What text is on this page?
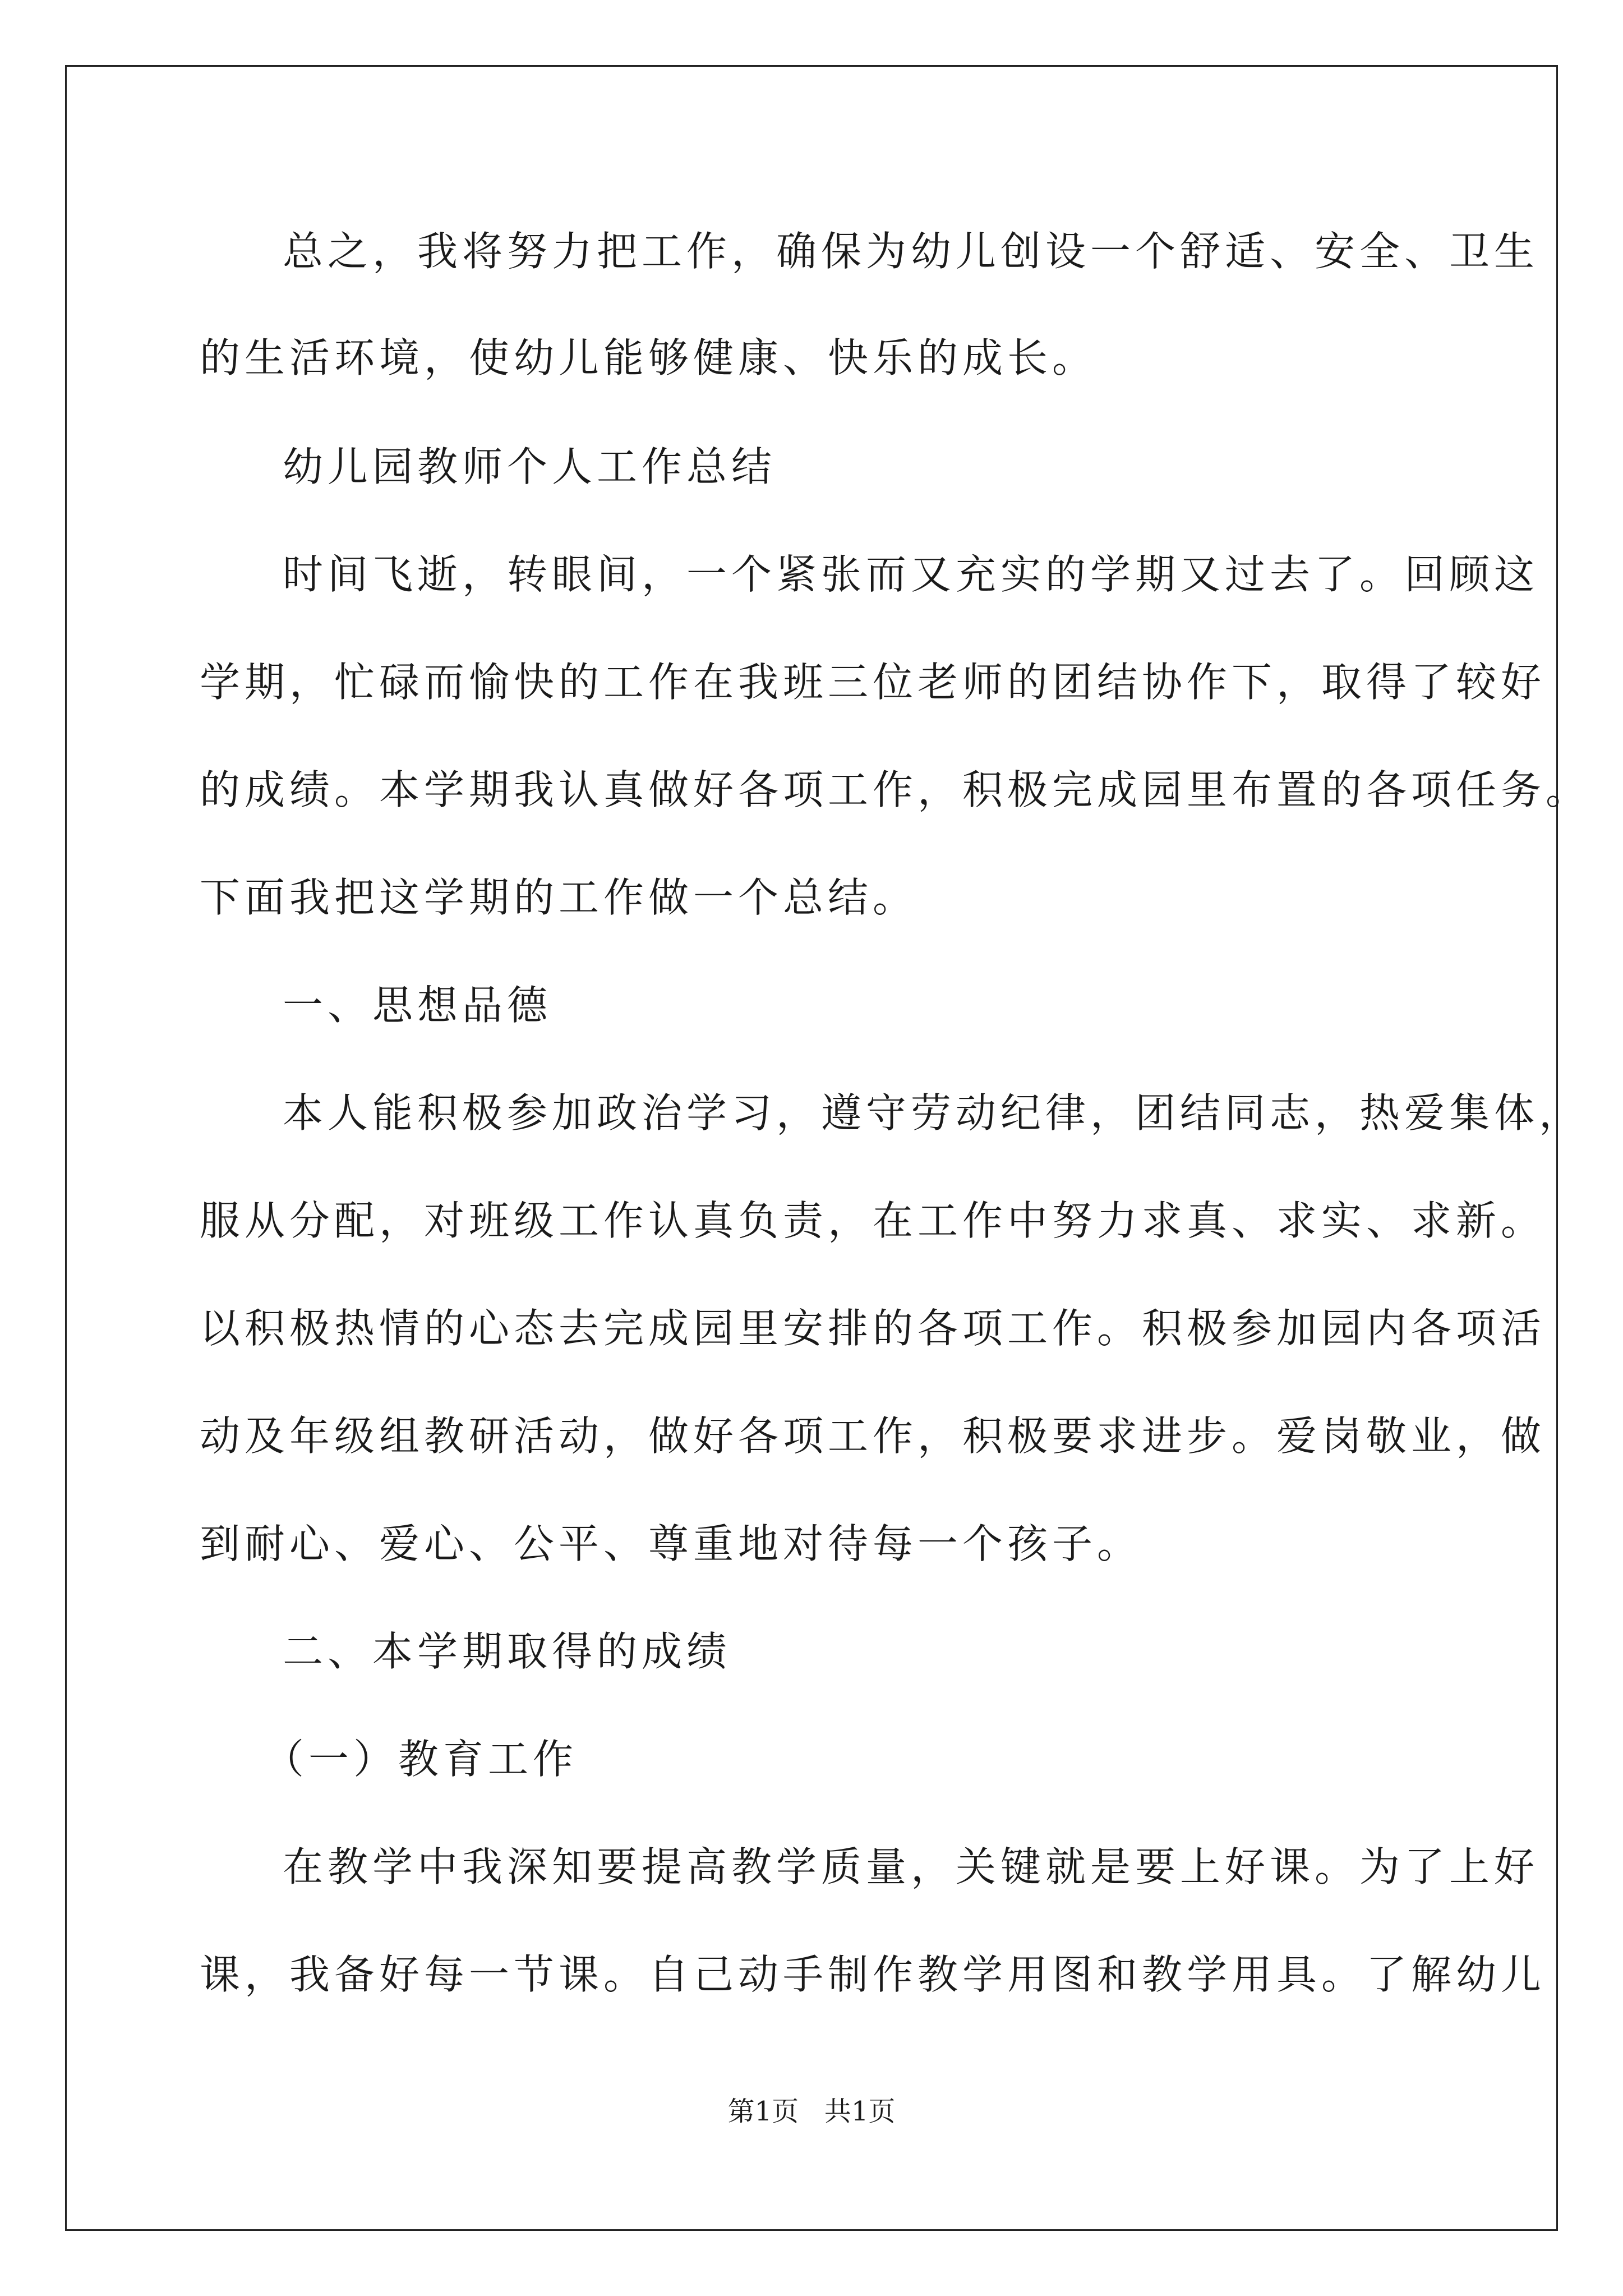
总之，我将努力把工作，确保为幼儿创设一个舒适、安全、卫生
的生活环境，使幼儿能够健康、快乐的成长。
幼儿园教师个人工作总结
时间飞逝，转眼间，一个紧张而又充实的学期又过去了。回顾这
学期，忙碌而愉快的工作在我班三位老师的团结协作下，取得了较好
的成绩。本学期我认真做好各项工作，积极完成园里布置的各项任务。
下面我把这学期的工作做一个总结。
一、思想品德
本人能积极参加政治学习，遵守劳动纪律，团结同志，热爱集体，
服从分配，对班级工作认真负责，在工作中努力求真、求实、求新。
以积极热情的心态去完成园里安排的各项工作。积极参加园内各项活
动及年级组教研活动，做好各项工作，积极要求进步。爱岗敬业，做
到耐心、爱心、公平、尊重地对待每一个孩子。
二、本学期取得的成绩
（一）教育工作
在教学中我深知要提高教学质量，关键就是要上好课。为了上好
课，我备好每一节课。自己动手制作教学用图和教学用具。了解幼儿
第1页   共1页
